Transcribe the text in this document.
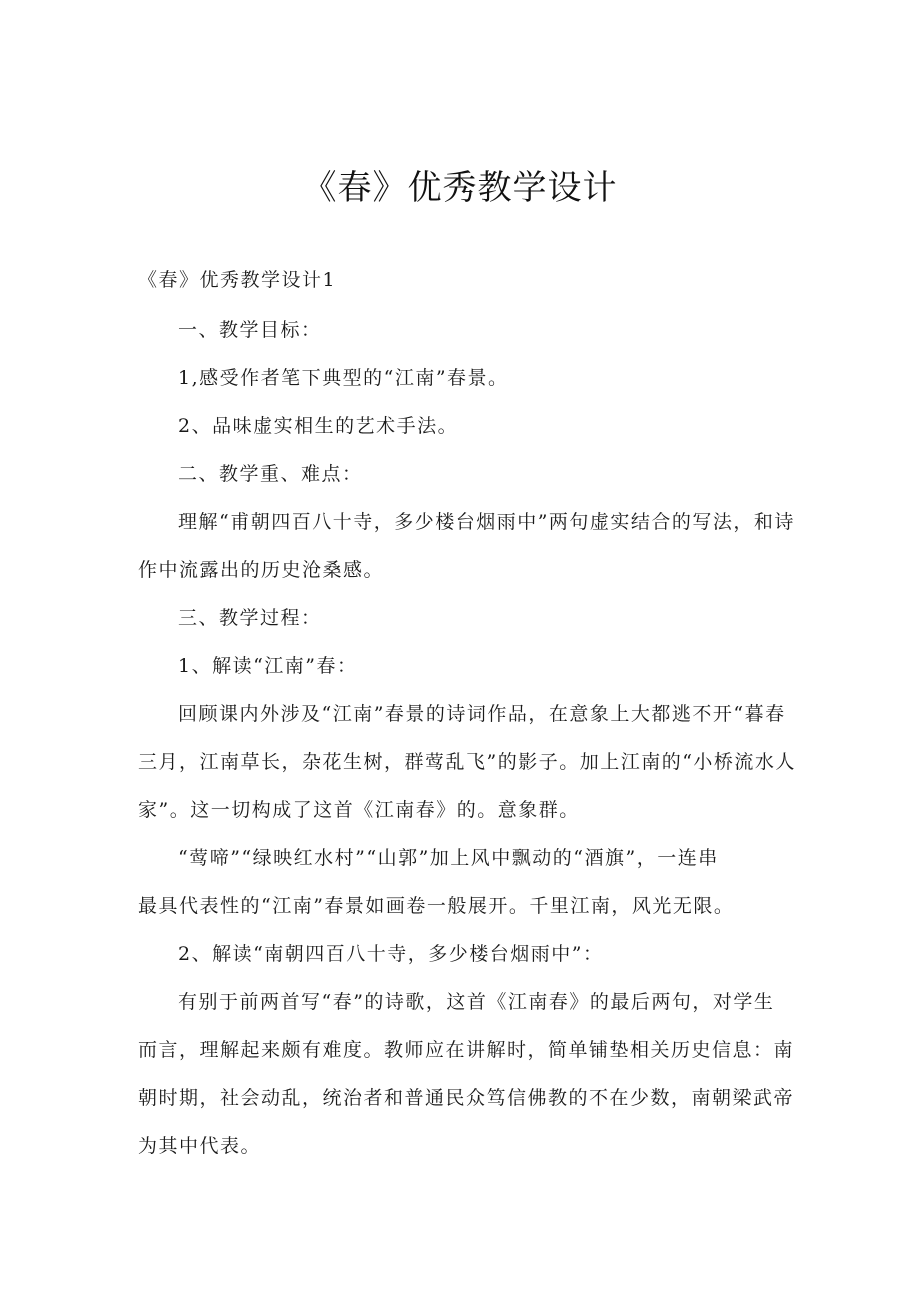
《春》优秀教学设计
《春》优秀教学设计1
一、教学目标：
1,感受作者笔下典型的“江南”春景。
2、品味虚实相生的艺术手法。
二、教学重、难点：
理解“甫朝四百八十寺，多少楼台烟雨中”两句虚实结合的写法，和诗
作中流露出的历史沧桑感。
三、教学过程：
1、解读“江南”春：
回顾课内外涉及“江南”春景的诗词作品，在意象上大都逃不开“暮春
三月，江南草长，杂花生树，群莺乱飞”的影子。加上江南的“小桥流水人
家”。这一切构成了这首《江南春》的。意象群。
“莺啼”“绿映红水村”“山郭”加上风中飘动的“酒旗”，一连串
最具代表性的“江南”春景如画卷一般展开。千里江南，风光无限。
2、解读“南朝四百八十寺，多少楼台烟雨中”：
有别于前两首写“春”的诗歌，这首《江南春》的最后两句，对学生
而言，理解起来颇有难度。教师应在讲解时，简单铺垫相关历史信息：南
朝时期，社会动乱，统治者和普通民众笃信佛教的不在少数，南朝梁武帝
为其中代表。
